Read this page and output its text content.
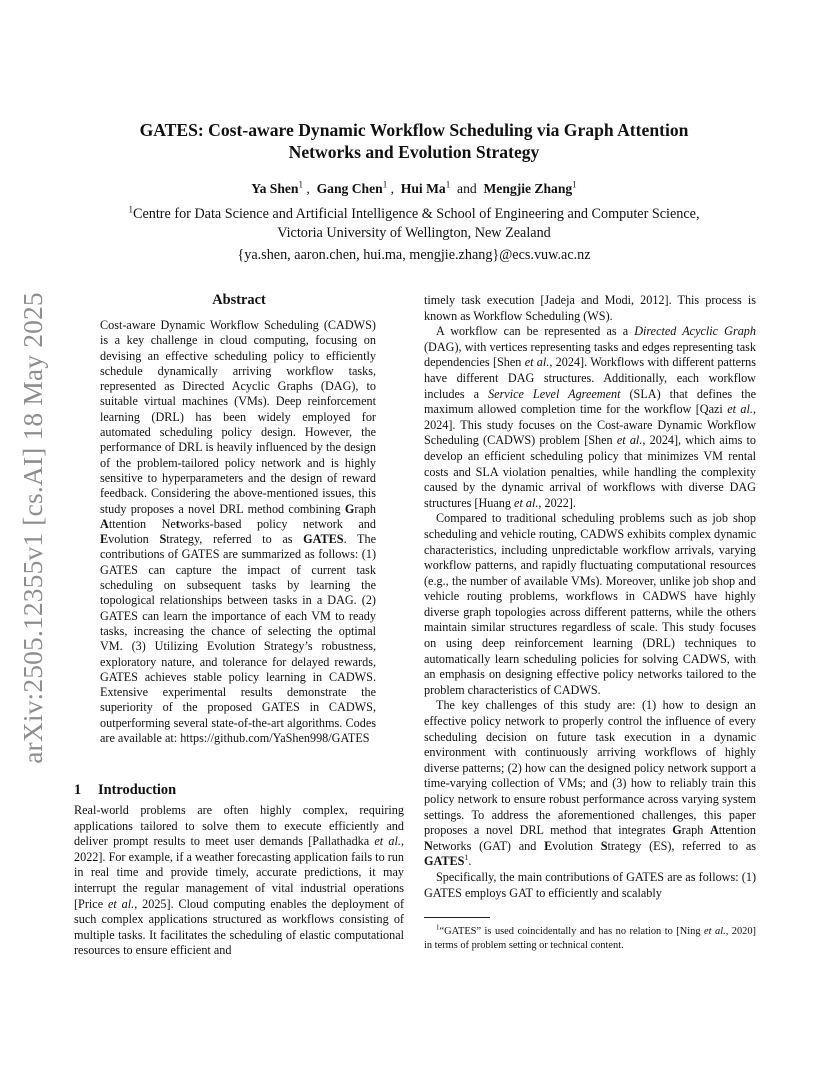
arXiv:2505.12355v1 [cs.AI] 18 May 2025
GATES: Cost-aware Dynamic Workflow Scheduling via Graph Attention
Networks and Evolution Strategy
Ya Shen$^1$ ,  Gang Chen$^1$ ,  Hui Ma$^1$ and Mengjie Zhang$^1$
$^1$Centre for Data Science and Artificial Intelligence & School of Engineering and Computer Science,
Victoria University of Wellington, New Zealand
{ya.shen, aaron.chen, hui.ma, mengjie.zhang}@ecs.vuw.ac.nz
Abstract
Cost-aware Dynamic Workflow Scheduling (CADWS) is a key challenge in cloud computing, focusing on devising an effective scheduling policy to efficiently schedule dynamically arriving workflow tasks, represented as Directed Acyclic Graphs (DAG), to suitable virtual machines (VMs). Deep reinforcement learning (DRL) has been widely employed for automated scheduling policy design. However, the performance of DRL is heavily influenced by the design of the problem-tailored policy network and is highly sensitive to hyperparameters and the design of reward feedback. Considering the above-mentioned issues, this study proposes a novel DRL method combining Graph Attention Networks-based policy network and Evolution Strategy, referred to as GATES. The contributions of GATES are summarized as follows: (1) GATES can capture the impact of current task scheduling on subsequent tasks by learning the topological relationships between tasks in a DAG. (2) GATES can learn the importance of each VM to ready tasks, increasing the chance of selecting the optimal VM. (3) Utilizing Evolution Strategy’s robustness, exploratory nature, and tolerance for delayed rewards, GATES achieves stable policy learning in CADWS. Extensive experimental results demonstrate the superiority of the proposed GATES in CADWS, outperforming several state-of-the-art algorithms. Codes are available at: https://github.com/YaShen998/GATES
1 Introduction
Real-world problems are often highly complex, requiring applications tailored to solve them to execute efficiently and deliver prompt results to meet user demands [Pallathadka et al., 2022]. For example, if a weather forecasting application fails to run in real time and provide timely, accurate predictions, it may interrupt the regular management of vital industrial operations [Price et al., 2025]. Cloud computing enables the deployment of such complex applications structured as workflows consisting of multiple tasks. It facilitates the scheduling of elastic computational resources to ensure efficient and

timely task execution [Jadeja and Modi, 2012]. This process is known as Workflow Scheduling (WS).

A workflow can be represented as a Directed Acyclic Graph (DAG), with vertices representing tasks and edges representing task dependencies [Shen et al., 2024]. Workflows with different patterns have different DAG structures. Additionally, each workflow includes a Service Level Agreement (SLA) that defines the maximum allowed completion time for the workflow [Qazi et al., 2024]. This study focuses on the Cost-aware Dynamic Workflow Scheduling (CADWS) problem [Shen et al., 2024], which aims to develop an efficient scheduling policy that minimizes VM rental costs and SLA violation penalties, while handling the complexity caused by the dynamic arrival of workflows with diverse DAG structures [Huang et al., 2022].

Compared to traditional scheduling problems such as job shop scheduling and vehicle routing, CADWS exhibits complex dynamic characteristics, including unpredictable workflow arrivals, varying workflow patterns, and rapidly fluctuating computational resources (e.g., the number of available VMs). Moreover, unlike job shop and vehicle routing problems, workflows in CADWS have highly diverse graph topologies across different patterns, while the others maintain similar structures regardless of scale. This study focuses on using deep reinforcement learning (DRL) techniques to automatically learn scheduling policies for solving CADWS, with an emphasis on designing effective policy networks tailored to the problem characteristics of CADWS.

The key challenges of this study are: (1) how to design an effective policy network to properly control the influence of every scheduling decision on future task execution in a dynamic environment with continuously arriving workflows of highly diverse patterns; (2) how can the designed policy network support a time-varying collection of VMs; and (3) how to reliably train this policy network to ensure robust performance across varying system settings. To address the aforementioned challenges, this paper proposes a novel DRL method that integrates Graph Attention Networks (GAT) and Evolution Strategy (ES), referred to as GATES$^1$.

Specifically, the main contributions of GATES are as follows: (1) GATES employs GAT to efficiently and scalably

$^1$“GATES” is used coincidentally and has no relation to [Ning et al., 2020] in terms of problem setting or technical content.
